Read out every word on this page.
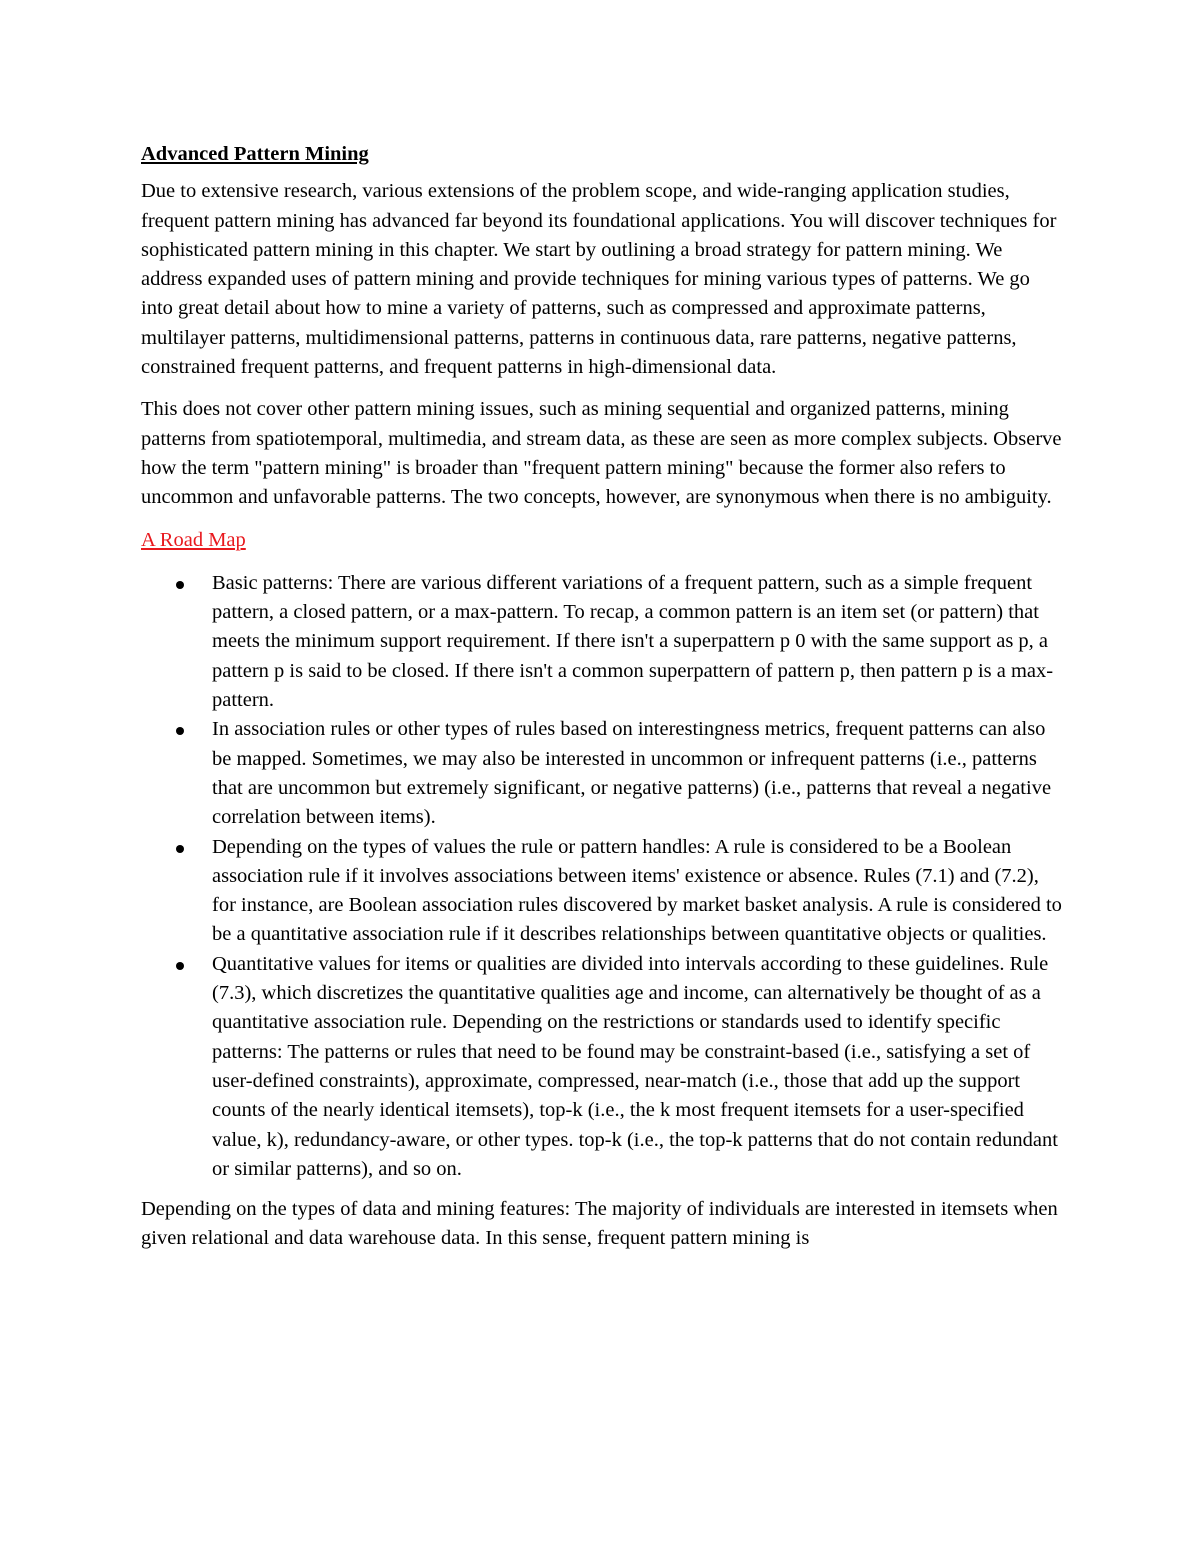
Advanced Pattern Mining

Due to extensive research, various extensions of the problem scope, and wide-ranging application studies, frequent pattern mining has advanced far beyond its foundational applications. You will discover techniques for sophisticated pattern mining in this chapter. We start by outlining a broad strategy for pattern mining. We address expanded uses of pattern mining and provide techniques for mining various types of patterns. We go into great detail about how to mine a variety of patterns, such as compressed and approximate patterns, multilayer patterns, multidimensional patterns, patterns in continuous data, rare patterns, negative patterns, constrained frequent patterns, and frequent patterns in high-dimensional data.

This does not cover other pattern mining issues, such as mining sequential and organized patterns, mining patterns from spatiotemporal, multimedia, and stream data, as these are seen as more complex subjects. Observe how the term "pattern mining" is broader than "frequent pattern mining" because the former also refers to uncommon and unfavorable patterns. The two concepts, however, are synonymous when there is no ambiguity.

A Road Map
Basic patterns: There are various different variations of a frequent pattern, such as a simple frequent pattern, a closed pattern, or a max-pattern. To recap, a common pattern is an item set (or pattern) that meets the minimum support requirement. If there isn't a superpattern p 0 with the same support as p, a pattern p is said to be closed. If there isn't a common superpattern of pattern p, then pattern p is a max-pattern.
In association rules or other types of rules based on interestingness metrics, frequent patterns can also be mapped. Sometimes, we may also be interested in uncommon or infrequent patterns (i.e., patterns that are uncommon but extremely significant, or negative patterns) (i.e., patterns that reveal a negative correlation between items).
Depending on the types of values the rule or pattern handles: A rule is considered to be a Boolean association rule if it involves associations between items' existence or absence. Rules (7.1) and (7.2), for instance, are Boolean association rules discovered by market basket analysis. A rule is considered to be a quantitative association rule if it describes relationships between quantitative objects or qualities.
Quantitative values for items or qualities are divided into intervals according to these guidelines. Rule (7.3), which discretizes the quantitative qualities age and income, can alternatively be thought of as a quantitative association rule. Depending on the restrictions or standards used to identify specific patterns: The patterns or rules that need to be found may be constraint-based (i.e., satisfying a set of user-defined constraints), approximate, compressed, near-match (i.e., those that add up the support counts of the nearly identical itemsets), top-k (i.e., the k most frequent itemsets for a user-specified value, k), redundancy-aware, or other types. top-k (i.e., the top-k patterns that do not contain redundant or similar patterns), and so on.

Depending on the types of data and mining features: The majority of individuals are interested in itemsets when given relational and data warehouse data. In this sense, frequent pattern mining is
